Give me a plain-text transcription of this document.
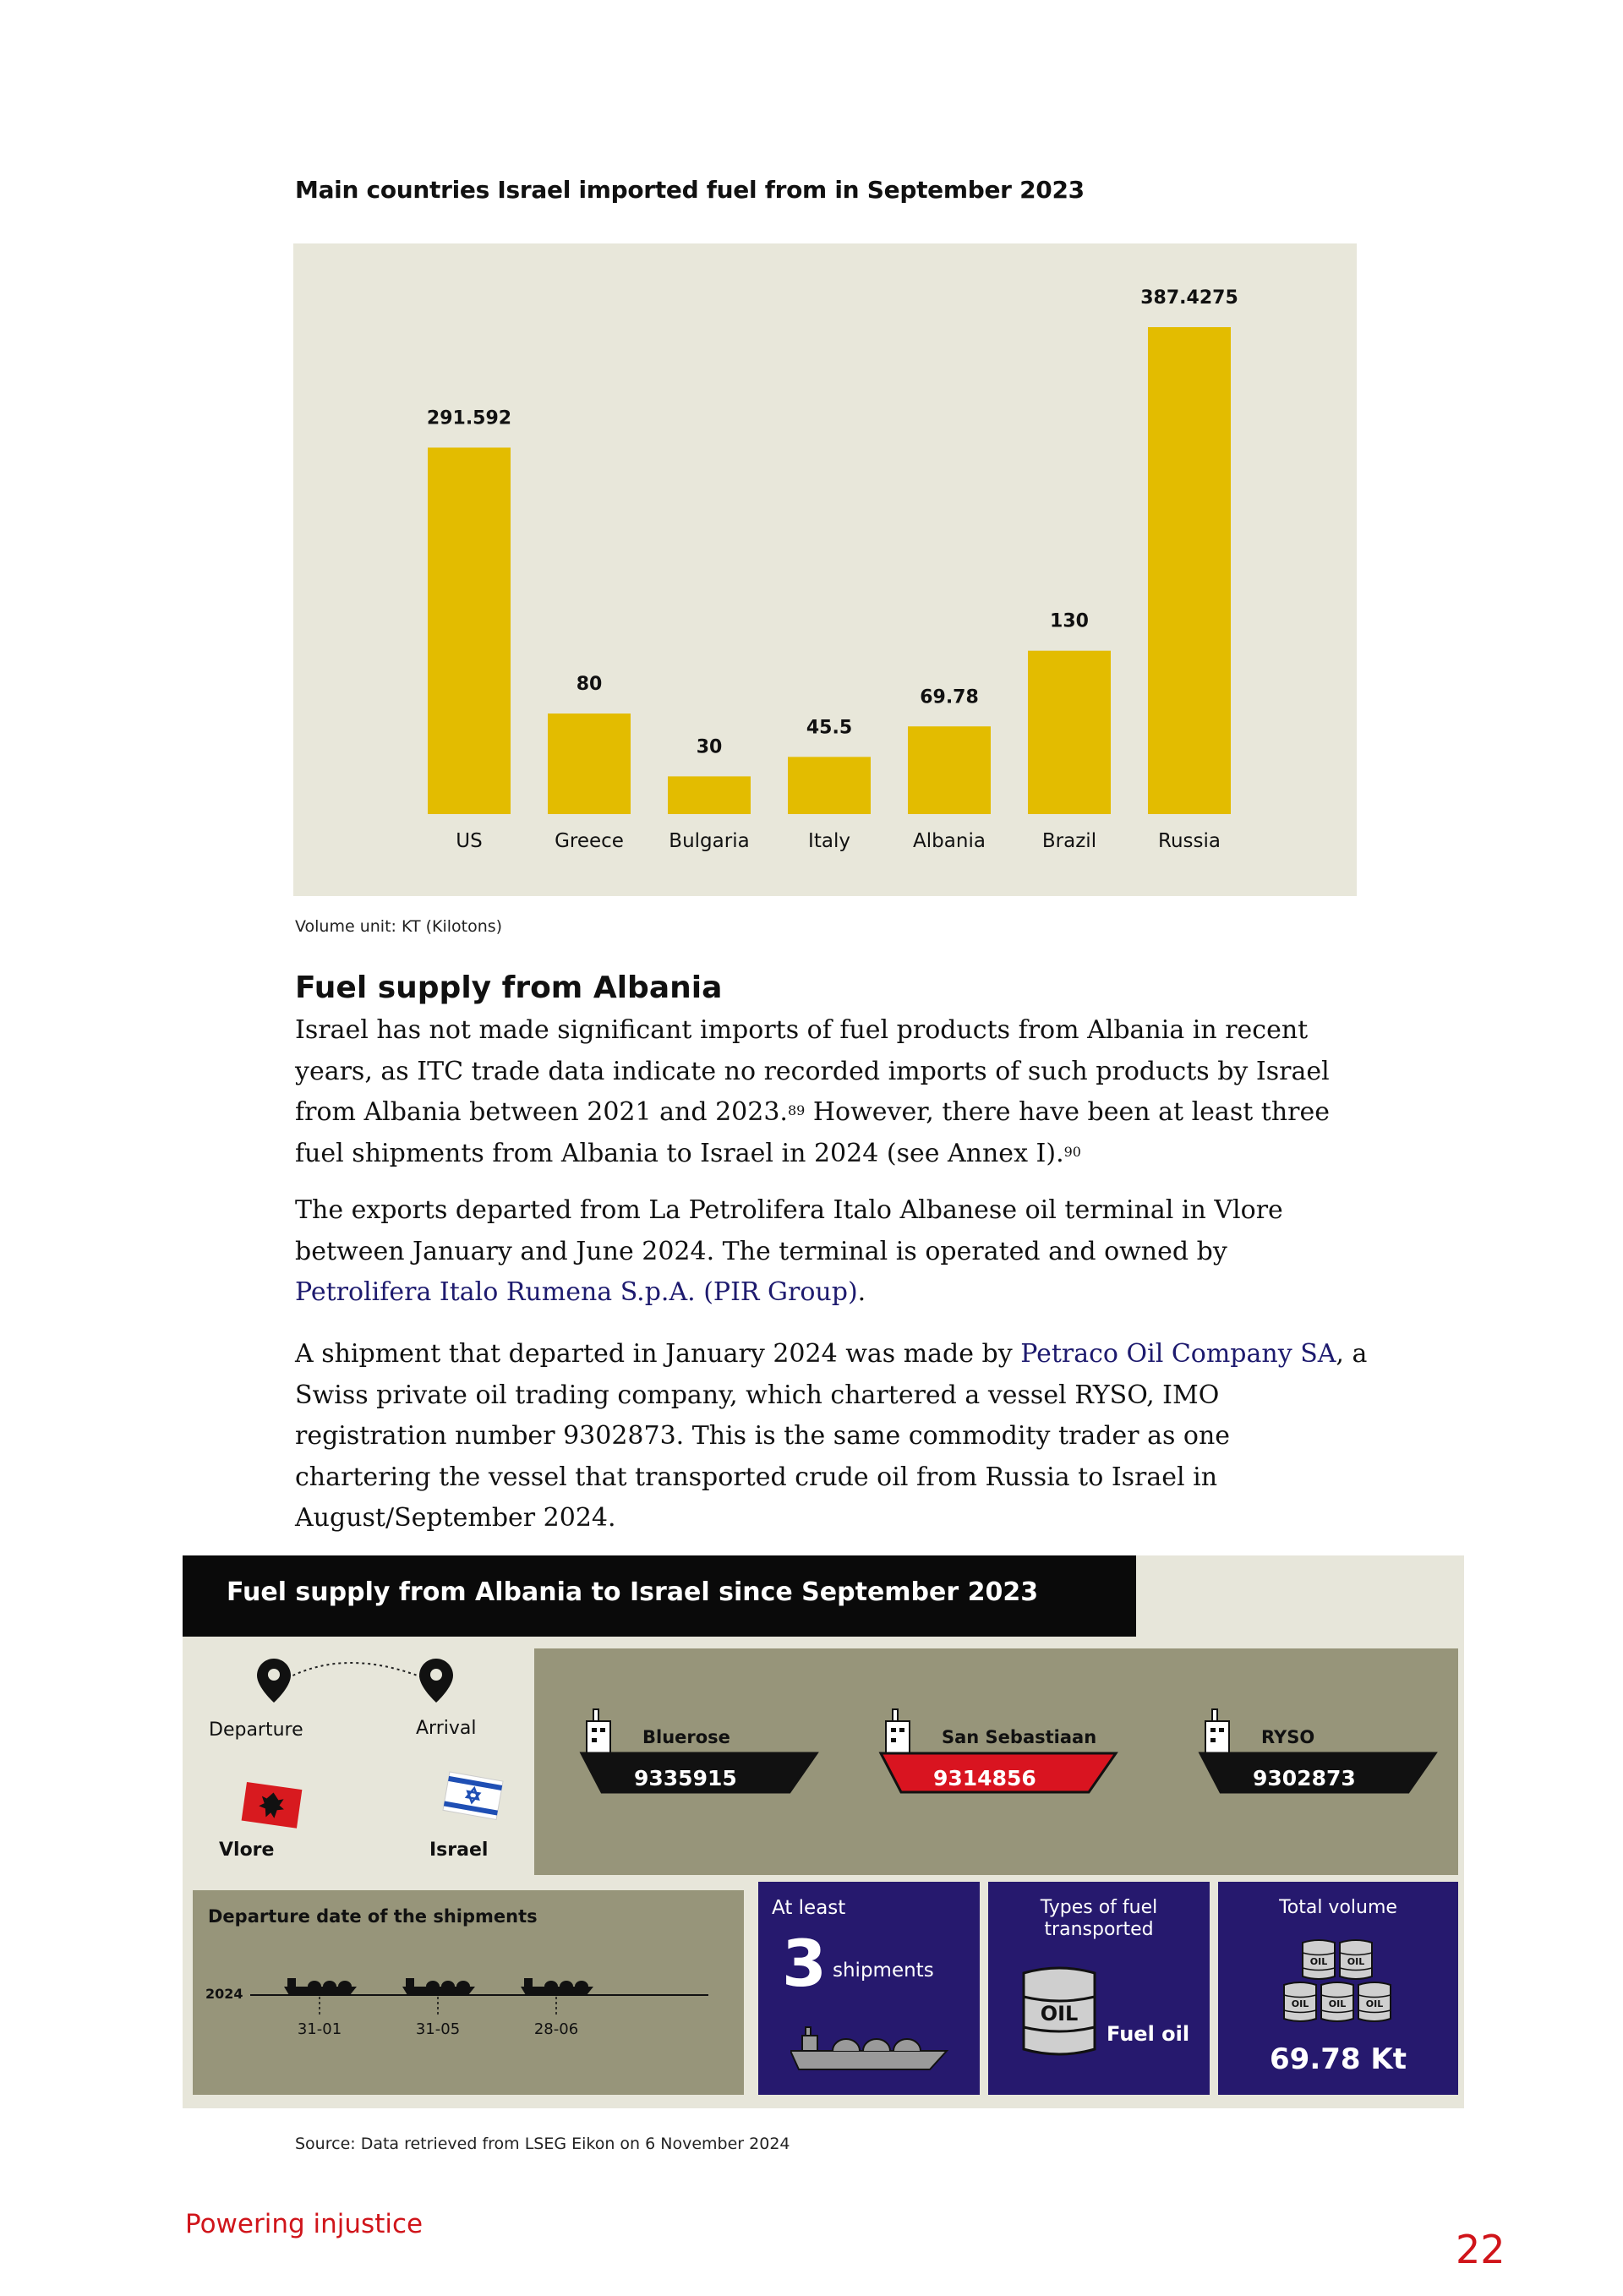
Main countries Israel imported fuel from in September 2023
291.592
US
80
Greece
30
Bulgaria
45.5
Italy
69.78
Albania
130
Brazil
387.4275
Russia
Volume unit: KT (Kilotons)
Fuel supply from Albania

Israel has not made significant imports of fuel products from Albania in recent years, as ITC trade data indicate no recorded imports of such products by Israel from Albania between 2021 and 2023.89 However, there have been at least three fuel shipments from Albania to Israel in 2024 (see Annex I).$^{90}$

The exports departed from La Petrolifera Italo Albanese oil terminal in Vlore between January and June 2024. The terminal is operated and owned by Petrolifera Italo Rumena S.p.A. (PIR Group).

A shipment that departed in January 2024 was made by Petraco Oil Company SA, a Swiss private oil trading company, which chartered a vessel RYSO, IMO registration number 9302873. This is the same commodity trader as one chartering the vessel that transported crude oil from Russia to Israel in August/September 2024.

Fuel supply from Albania to Israel since September 2023
Departure	Arrival
Vlore	Israel
Bluerose
9335915
San Sebastiaan
9314856
RYSO
9302873
Departure date of the shipments
2024
31-01	31-05	28-06
At least
3 shipments
Types of fuel
transported
OIL
Fuel oil
Total volume
OIL OIL
OIL OIL OIL
69.78 Kt
Source: Data retrieved from LSEG Eikon on 6 November 2024
Powering injustice
22
